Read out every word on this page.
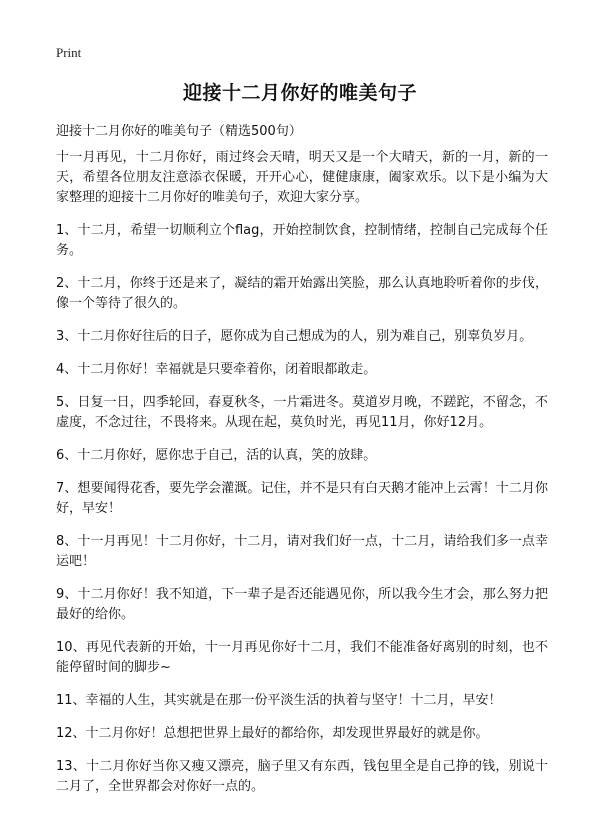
Print
迎接十二月你好的唯美句子
迎接十二月你好的唯美句子（精选500句）

十一月再见，十二月你好，雨过终会天晴，明天又是一个大晴天，新的一月，新的一天，希望各位朋友注意添衣保暖，开开心心，健健康康，阖家欢乐。以下是小编为大家整理的迎接十二月你好的唯美句子，欢迎大家分享。

1、十二月，希望一切顺利立个flag，开始控制饮食，控制情绪，控制自己完成每个任务。

2、十二月，你终于还是来了，凝结的霜开始露出笑脸，那么认真地聆听着你的步伐，像一个等待了很久的。

3、十二月你好往后的日子，愿你成为自己想成为的人，别为难自己，别辜负岁月。

4、十二月你好！幸福就是只要牵着你，闭着眼都敢走。

5、日复一日，四季轮回，春夏秋冬，一片霜进冬。莫道岁月晚，不蹉跎，不留念，不虚度，不念过往，不畏将来。从现在起，莫负时光，再见11月，你好12月。

6、十二月你好，愿你忠于自己，活的认真，笑的放肆。

7、想要闻得花香，要先学会灌溉。记住，并不是只有白天鹅才能冲上云霄！十二月你好，早安！

8、十一月再见！十二月你好，十二月，请对我们好一点，十二月，请给我们多一点幸运吧！

9、十二月你好！我不知道，下一辈子是否还能遇见你，所以我今生才会，那么努力把最好的给你。

10、再见代表新的开始，十一月再见你好十二月，我们不能准备好离别的时刻，也不能停留时间的脚步~

11、幸福的人生，其实就是在那一份平淡生活的执着与坚守！十二月，早安！

12、十二月你好！总想把世界上最好的都给你，却发现世界最好的就是你。

13、十二月你好当你又瘦又漂亮，脑子里又有东西，钱包里全是自己挣的钱，别说十二月了，全世界都会对你好一点的。
